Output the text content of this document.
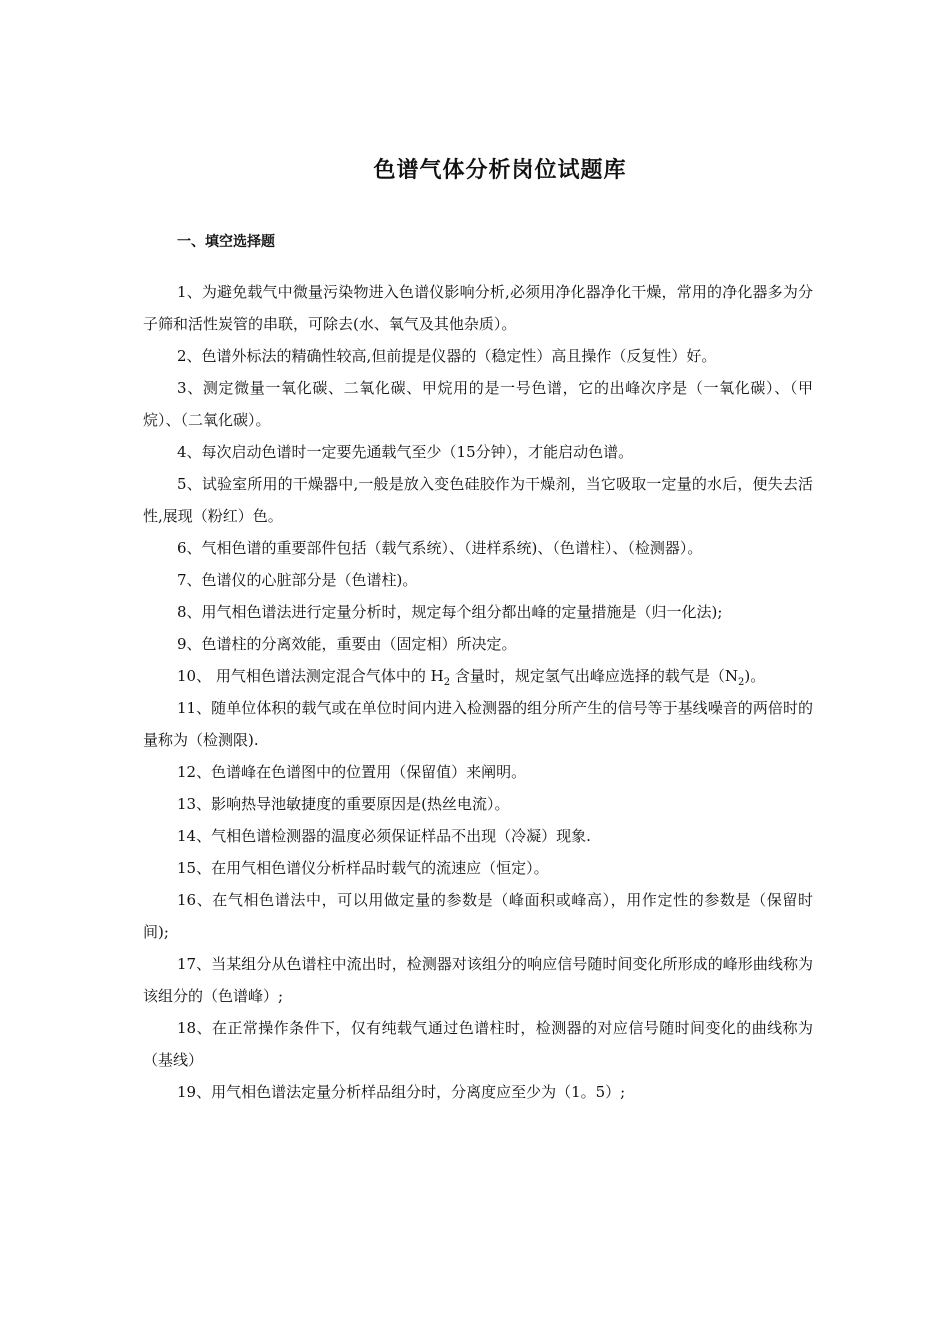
色谱气体分析岗位试题库
一、填空选择题
1、为避免载气中微量污染物进入色谱仪影响分析,必须用净化器净化干燥，常用的净化器多为分子筛和活性炭管的串联，可除去(水、氧气及其他杂质）。
2、色谱外标法的精确性较高,但前提是仪器的（稳定性）高且操作（反复性）好。
3、测定微量一氧化碳、二氧化碳、甲烷用的是一号色谱，它的出峰次序是（一氧化碳）、（甲烷）、（二氧化碳）。
4、每次启动色谱时一定要先通载气至少（15分钟），才能启动色谱。
5、试验室所用的干燥器中,一般是放入变色硅胶作为干燥剂，当它吸取一定量的水后，便失去活性,展现（粉红）色。
6、气相色谱的重要部件包括（载气系统）、（进样系统)、（色谱柱）、（检测器）。
7、色谱仪的心脏部分是（色谱柱)。
8、用气相色谱法进行定量分析时，规定每个组分都出峰的定量措施是（归一化法);
9、色谱柱的分离效能，重要由（固定相）所决定。
10、 用气相色谱法测定混合气体中的 $H_2$ 含量时，规定氢气出峰应选择的载气是$(N_2)$。
11、随单位体积的载气或在单位时间内进入检测器的组分所产生的信号等于基线噪音的两倍时的量称为（检测限).
12、色谱峰在色谱图中的位置用（保留值）来阐明。
13、影响热导池敏捷度的重要原因是(热丝电流）。
14、气相色谱检测器的温度必须保证样品不出现（冷凝）现象.
15、在用气相色谱仪分析样品时载气的流速应（恒定）。
16、在气相色谱法中，可以用做定量的参数是（峰面积或峰高），用作定性的参数是（保留时间);
17、当某组分从色谱柱中流出时，检测器对该组分的响应信号随时间变化所形成的峰形曲线称为该组分的（色谱峰）;
18、在正常操作条件下，仅有纯载气通过色谱柱时，检测器的对应信号随时间变化的曲线称为（基线）
19、用气相色谱法定量分析样品组分时，分离度应至少为（1。5）;
